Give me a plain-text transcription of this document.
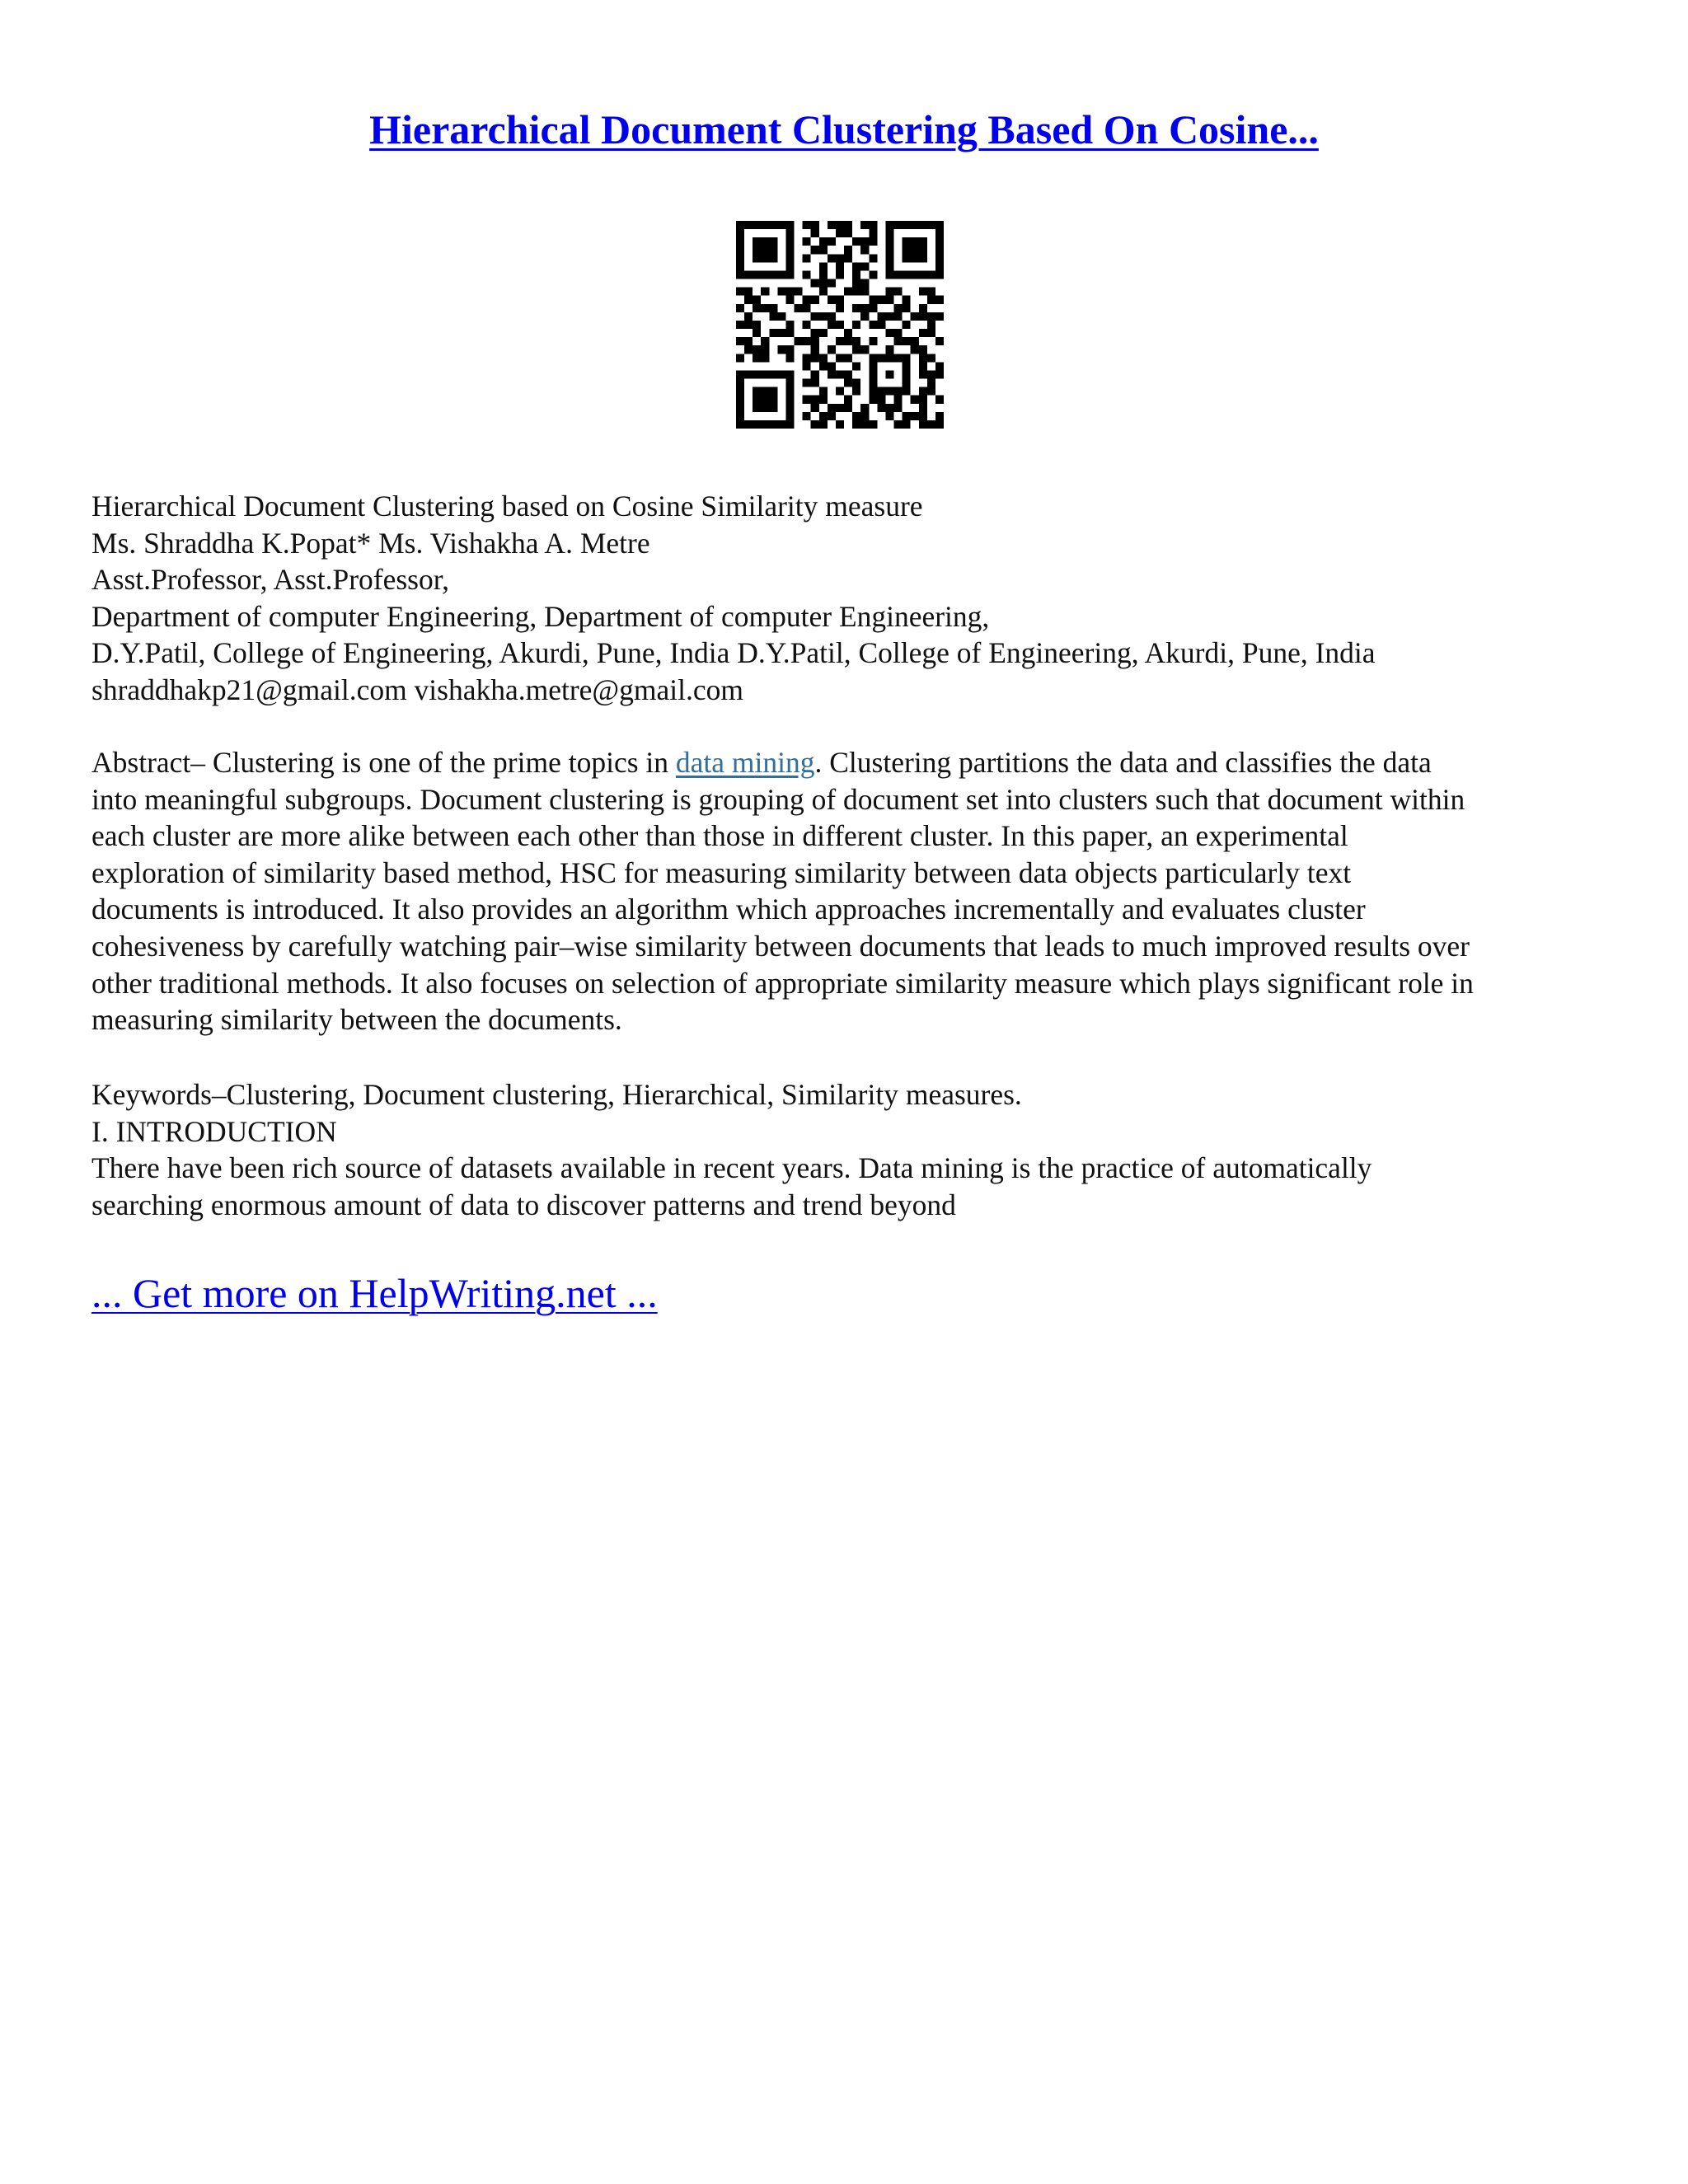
Hierarchical Document Clustering Based On Cosine...
Hierarchical Document Clustering based on Cosine Similarity measure
Ms. Shraddha K.Popat* Ms. Vishakha A. Metre
Asst.Professor, Asst.Professor,
Department of computer Engineering, Department of computer Engineering,
D.Y.Patil, College of Engineering, Akurdi, Pune, India D.Y.Patil, College of Engineering, Akurdi, Pune, India
shraddhakp21@gmail.com vishakha.metre@gmail.com
Abstract– Clustering is one of the prime topics in data mining. Clustering partitions the data and classifies the data
into meaningful subgroups. Document clustering is grouping of document set into clusters such that document within
each cluster are more alike between each other than those in different cluster. In this paper, an experimental
exploration of similarity based method, HSC for measuring similarity between data objects particularly text
documents is introduced. It also provides an algorithm which approaches incrementally and evaluates cluster
cohesiveness by carefully watching pair–wise similarity between documents that leads to much improved results over
other traditional methods. It also focuses on selection of appropriate similarity measure which plays significant role in
measuring similarity between the documents.
Keywords–Clustering, Document clustering, Hierarchical, Similarity measures.
I. INTRODUCTION
There have been rich source of datasets available in recent years. Data mining is the practice of automatically
searching enormous amount of data to discover patterns and trend beyond
... Get more on HelpWriting.net ...
